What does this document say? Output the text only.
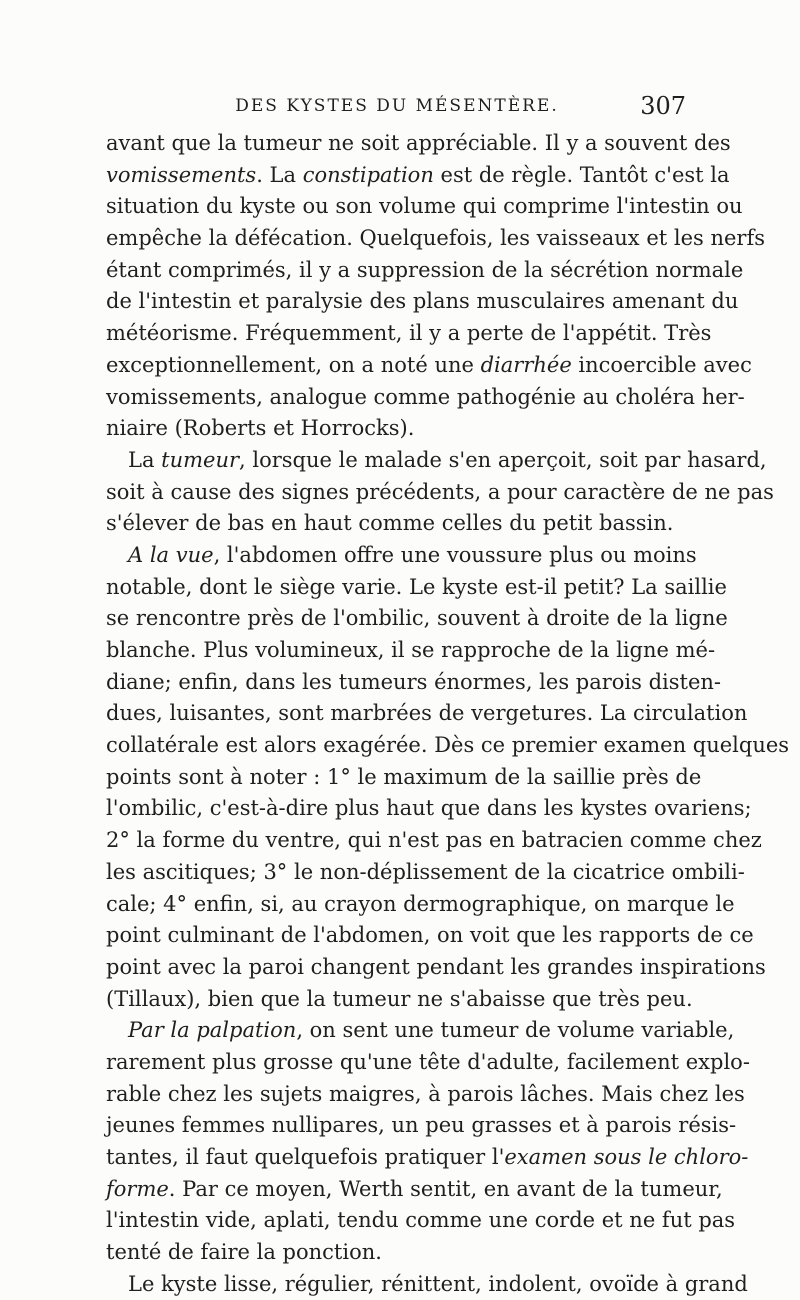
DES KYSTES DU MÉSENTÈRE.	307
avant que la tumeur ne soit appréciable. Il y a souvent des
vomissements. La constipation est de règle. Tantôt c'est la
situation du kyste ou son volume qui comprime l'intestin ou
empêche la défécation. Quelquefois, les vaisseaux et les nerfs
étant comprimés, il y a suppression de la sécrétion normale
de l'intestin et paralysie des plans musculaires amenant du
météorisme. Fréquemment, il y a perte de l'appétit. Très
exceptionnellement, on a noté une diarrhée incoercible avec
vomissements, analogue comme pathogénie au choléra her-
niaire (Roberts et Horrocks).
La tumeur, lorsque le malade s'en aperçoit, soit par hasard,
soit à cause des signes précédents, a pour caractère de ne pas
s'élever de bas en haut comme celles du petit bassin.
A la vue, l'abdomen offre une voussure plus ou moins
notable, dont le siège varie. Le kyste est-il petit? La saillie
se rencontre près de l'ombilic, souvent à droite de la ligne
blanche. Plus volumineux, il se rapproche de la ligne mé-
diane; enfin, dans les tumeurs énormes, les parois disten-
dues, luisantes, sont marbrées de vergetures. La circulation
collatérale est alors exagérée. Dès ce premier examen quelques
points sont à noter : 1° le maximum de la saillie près de
l'ombilic, c'est-à-dire plus haut que dans les kystes ovariens;
2° la forme du ventre, qui n'est pas en batracien comme chez
les ascitiques; 3° le non-déplissement de la cicatrice ombili-
cale; 4° enfin, si, au crayon dermographique, on marque le
point culminant de l'abdomen, on voit que les rapports de ce
point avec la paroi changent pendant les grandes inspirations
(Tillaux), bien que la tumeur ne s'abaisse que très peu.
Par la palpation, on sent une tumeur de volume variable,
rarement plus grosse qu'une tête d'adulte, facilement explo-
rable chez les sujets maigres, à parois lâches. Mais chez les
jeunes femmes nullipares, un peu grasses et à parois résis-
tantes, il faut quelquefois pratiquer l'examen sous le chloro-
forme. Par ce moyen, Werth sentit, en avant de la tumeur,
l'intestin vide, aplati, tendu comme une corde et ne fut pas
tenté de faire la ponction.
Le kyste lisse, régulier, rénittent, indolent, ovoïde à grand
